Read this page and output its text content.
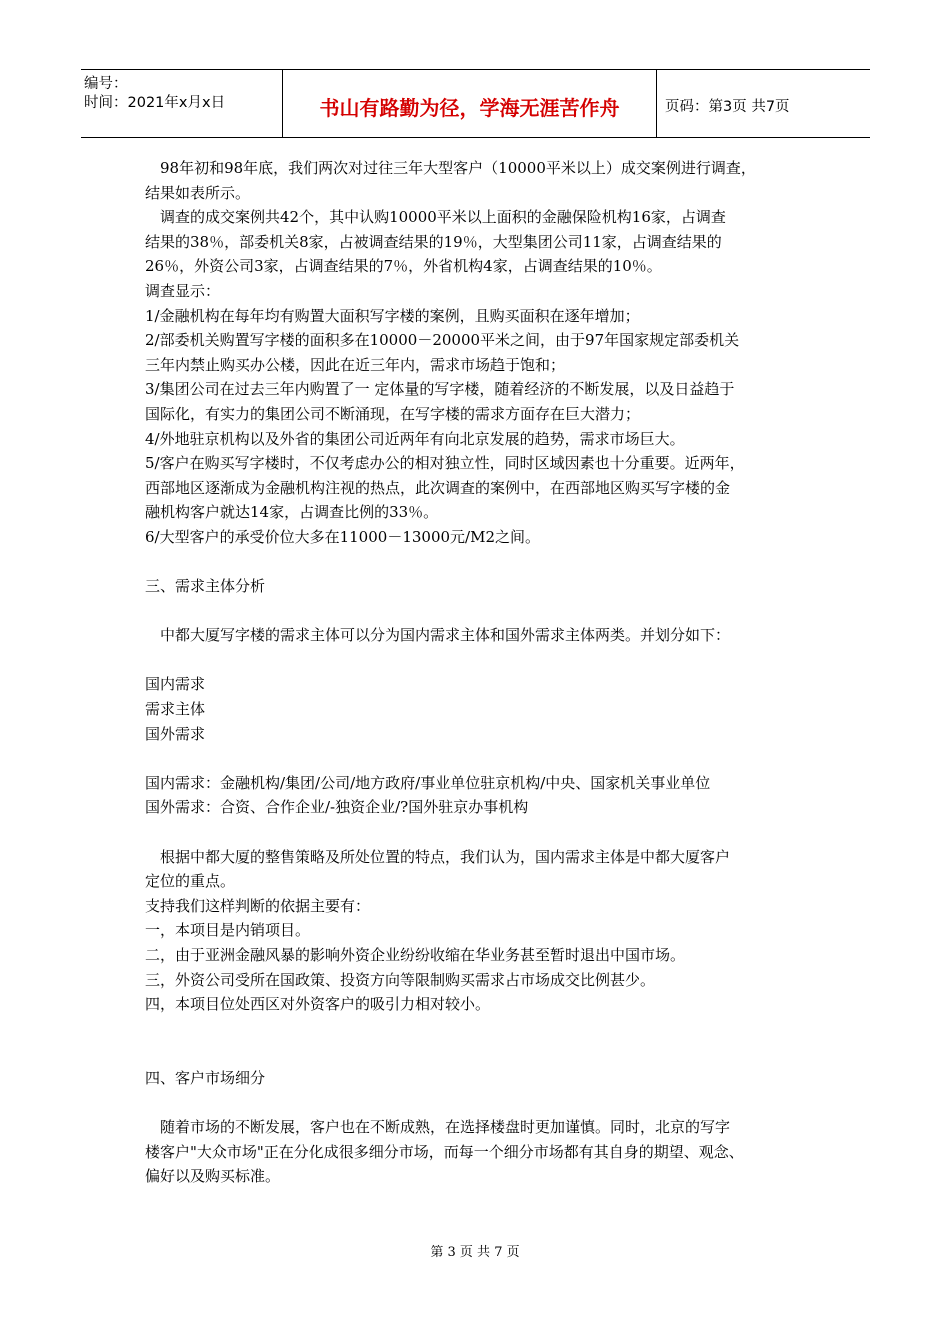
编号：
时间：2021年x月x日	书山有路勤为径，学海无涯苦作舟	页码：第3页 共7页

98年初和98年底，我们两次对过往三年大型客户（10000平米以上）成交案例进行调查，

结果如表所示。

调查的成交案例共42个，其中认购10000平米以上面积的金融保险机构16家，占调查

结果的38％，部委机关8家，占被调查结果的19％，大型集团公司11家，占调查结果的

26％，外资公司3家，占调查结果的7％，外省机构4家，占调查结果的10％。

调查显示：

1/金融机构在每年均有购置大面积写字楼的案例，且购买面积在逐年增加；

2/部委机关购置写字楼的面积多在10000－20000平米之间，由于97年国家规定部委机关

三年内禁止购买办公楼，因此在近三年内，需求市场趋于饱和；

3/集团公司在过去三年内购置了一 定体量的写字楼，随着经济的不断发展，以及日益趋于

国际化，有实力的集团公司不断涌现，在写字楼的需求方面存在巨大潜力；

4/外地驻京机构以及外省的集团公司近两年有向北京发展的趋势，需求市场巨大。

5/客户在购买写字楼时，不仅考虑办公的相对独立性，同时区域因素也十分重要。近两年，

西部地区逐渐成为金融机构注视的热点，此次调查的案例中，在西部地区购买写字楼的金

融机构客户就达14家，占调查比例的33％。

6/大型客户的承受价位大多在11000－13000元/M2之间。

三、需求主体分析

中都大厦写字楼的需求主体可以分为国内需求主体和国外需求主体两类。并划分如下：

国内需求

需求主体

国外需求

国内需求：金融机构/集团/公司/地方政府/事业单位驻京机构/中央、国家机关事业单位

国外需求：合资、合作企业/-独资企业/?国外驻京办事机构

根据中都大厦的整售策略及所处位置的特点，我们认为，国内需求主体是中都大厦客户

定位的重点。

支持我们这样判断的依据主要有：

一，本项目是内销项目。

二，由于亚洲金融风暴的影响外资企业纷纷收缩在华业务甚至暂时退出中国市场。

三，外资公司受所在国政策、投资方向等限制购买需求占市场成交比例甚少。

四，本项目位处西区对外资客户的吸引力相对较小。

四、客户市场细分

随着市场的不断发展，客户也在不断成熟，在选择楼盘时更加谨慎。同时，北京的写字

楼客户"大众市场"正在分化成很多细分市场，而每一个细分市场都有其自身的期望、观念、

偏好以及购买标准。

第 3 页 共 7 页
